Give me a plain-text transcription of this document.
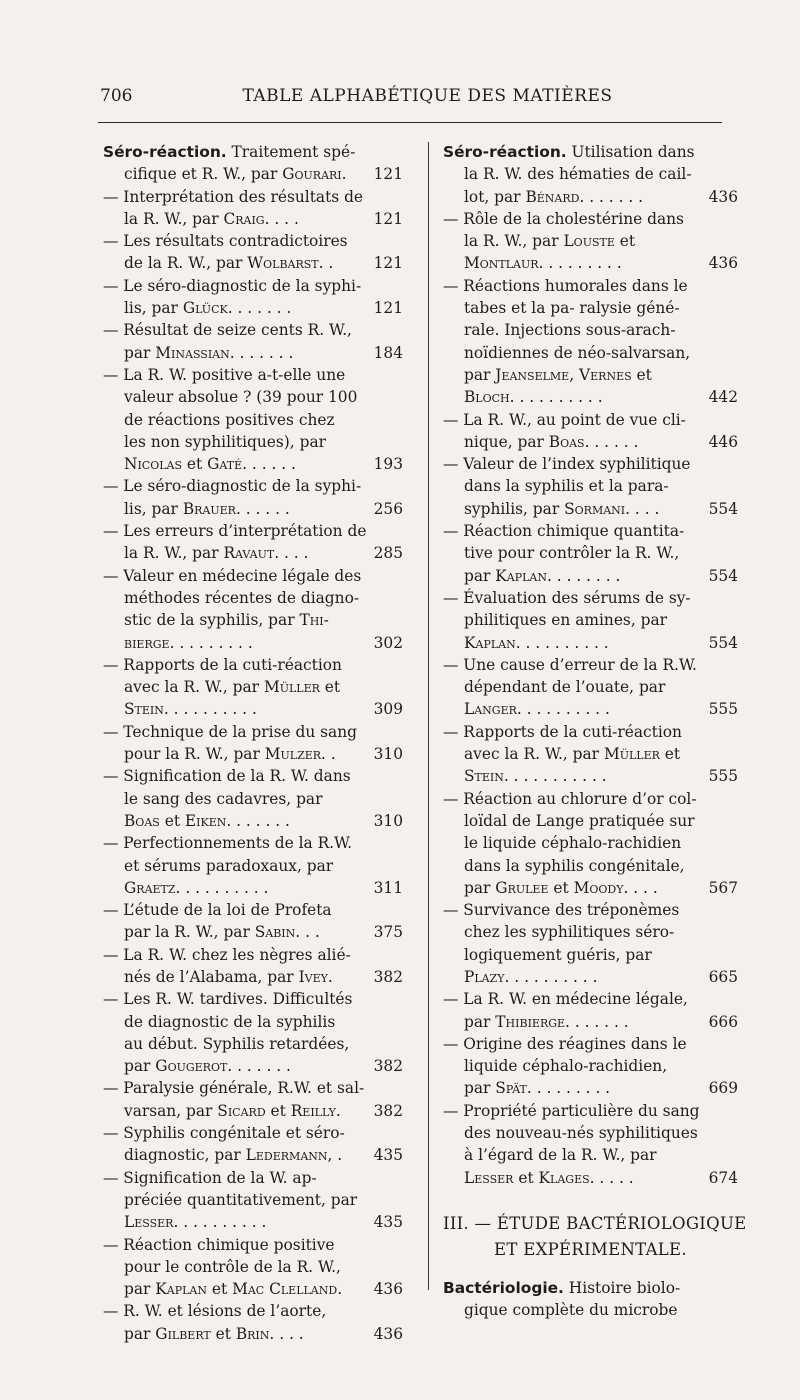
706	TABLE ALPHABÉTIQUE DES MATIÈRES
Séro-réaction. Traitement spé-
cifique et R. W., par Gourari. 121
— Interprétation des résultats de
la R. W., par Craig. . . .	121
— Les résultats contradictoires
de la R. W., par Wolbarst. .	121
— Le séro-diagnostic de la syphi-
lis, par Glück. . . . . . .	121
— Résultat de seize cents R. W.,
par Minassian. . . . . . .	184
— La R. W. positive a-t-elle une
valeur absolue ? (39 pour 100
de réactions positives chez
les non syphilitiques), par
Nicolas et Gaté. . . . . .	193
— Le séro-diagnostic de la syphi-
lis, par Brauer. . . . . .	256
— Les erreurs d’interprétation de
la R. W., par Ravaut. . . .	285
— Valeur en médecine légale des
méthodes récentes de diagno-
stic de la syphilis, par Thi-
bierge. . . . . . . . .	302
— Rapports de la cuti-réaction
avec la R. W., par Müller et
Stein. . . . . . . . . .	309
— Technique de la prise du sang
pour la R. W., par Mulzer. . 310
— Signification de la R. W. dans
le sang des cadavres, par
Boas et Eiken. . . . . . .	310
— Perfectionnements de la R.W.
et sérums paradoxaux, par
Graetz. . . . . . . . . .	311
— L’étude de la loi de Profeta
par la R. W., par Sabin. . .	375
— La R. W. chez les nègres alié-
nés de l’Alabama, par Ivey.	382
— Les R. W. tardives. Difficultés
de diagnostic de la syphilis
au début. Syphilis retardées,
par Gougerot. . . . . . .	382
— Paralysie générale, R.W. et sal-
varsan, par Sicard et Reilly. 382
— Syphilis congénitale et séro-
diagnostic, par Ledermann, . 435
— Signification de la W. ap-
préciée quantitativement, par
Lesser. . . . . . . . . .	435
— Réaction chimique positive
pour le contrôle de la R. W.,
par Kaplan et Mac Clelland. 436
— R. W. et lésions de l’aorte,
par Gilbert et Brin. . . .	436
Séro-réaction. Utilisation dans
la R. W. des hématies de cail-
lot, par Bénard. . . . . . .	436
— Rôle de la cholestérine dans
la R. W., par Louste et
Montlaur. . . . . . . . .	436
— Réactions humorales dans le
tabes et la pa- ralysie géné-
rale. Injections sous-arach-
noïdiennes de néo-salvarsan,
par Jeanselme, Vernes et
Bloch. . . . . . . . . .	442
— La R. W., au point de vue cli-
nique, par Boas. . . . . .	446
— Valeur de l’index syphilitique
dans la syphilis et la para-
syphilis, par Sormani. . . .	554
— Réaction chimique quantita-
tive pour contrôler la R. W.,
par Kaplan. . . . . . . .	554
— Évaluation des sérums de sy-
philitiques en amines, par
Kaplan. . . . . . . . . .	554
— Une cause d’erreur de la R.W.
dépendant de l’ouate, par
Langer. . . . . . . . . .	555
— Rapports de la cuti-réaction
avec la R. W., par Müller et
Stein. . . . . . . . . . .	555
— Réaction au chlorure d’or col-
loïdal de Lange pratiquée sur
le liquide céphalo-rachidien
dans la syphilis congénitale,
par Grulee et Moody. . . .	567
— Survivance des tréponèmes
chez les syphilitiques séro-
logiquement guéris, par
Plazy. . . . . . . . . .	665
— La R. W. en médecine légale,
par Thibierge. . . . . . .	666
— Origine des réagines dans le
liquide céphalo-rachidien,
par Spät. . . . . . . . .	669
— Propriété particulière du sang
des nouveau-nés syphilitiques
à l’égard de la R. W., par
Lesser et Klages. . . . .	674
III. — ÉTUDE BACTÉRIOLOGIQUE
ET EXPÉRIMENTALE.
Bactériologie. Histoire biolo-
gique complète du microbe
